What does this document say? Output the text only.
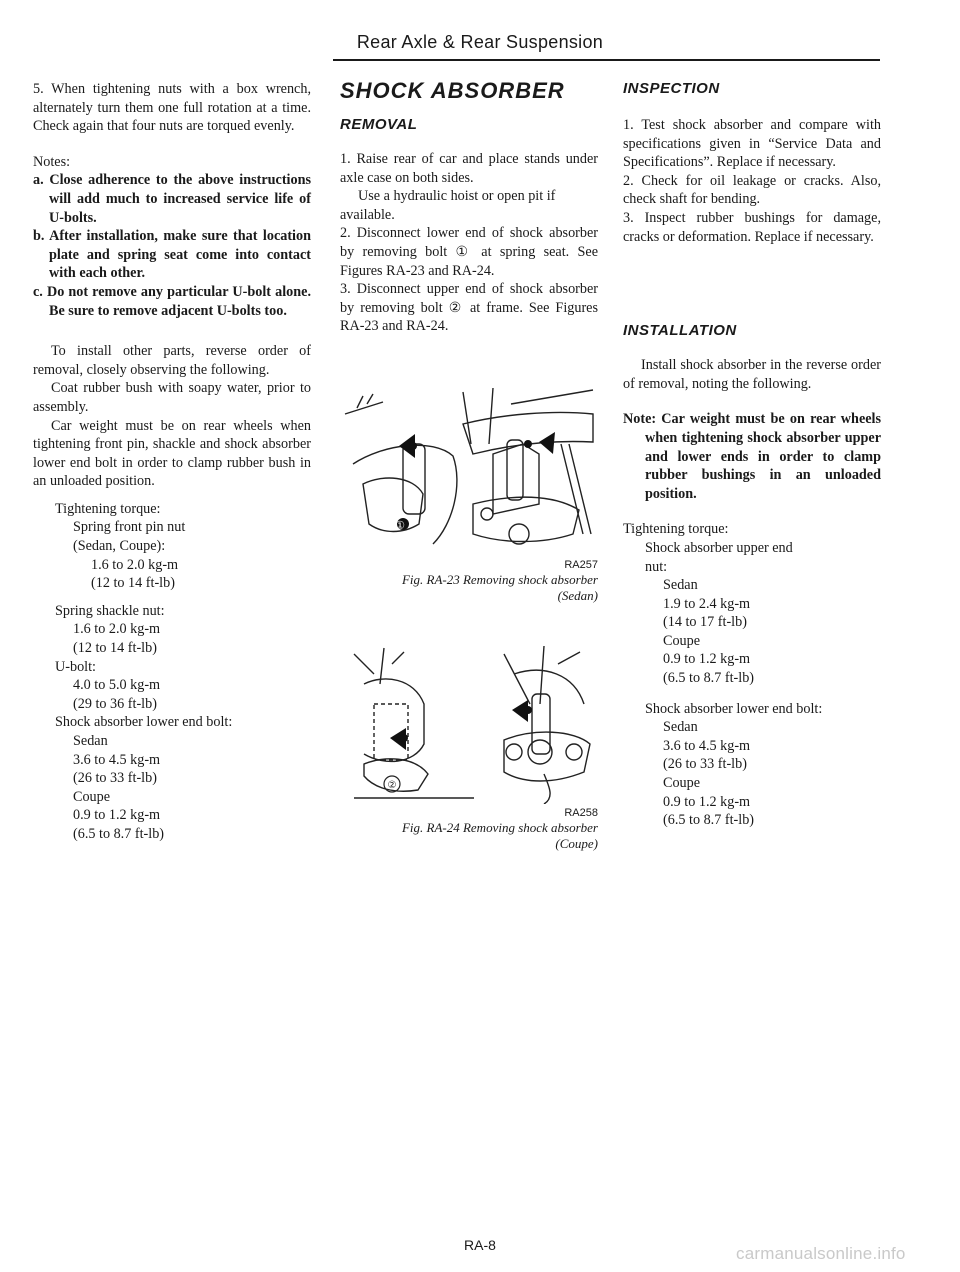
Rear Axle & Rear Suspension

5. When tightening nuts with a box wrench, alternately turn them one full rotation at a time. Check again that four nuts are torqued evenly.

Notes:

a. Close adherence to the above instructions will add much to increased service life of U-bolts.

b. After installation, make sure that location plate and spring seat come into contact with each other.

c. Do not remove any particular U-bolt alone. Be sure to remove adjacent U-bolts too.

To install other parts, reverse order of removal, closely observing the following.

Coat rubber bush with soapy water, prior to assembly.

Car weight must be on rear wheels when tightening front pin, shackle and shock absorber lower end bolt in order to clamp rubber bush in an unloaded position.

Tightening torque:

Spring front pin nut

(Sedan, Coupe):

1.6 to 2.0 kg-m

(12 to 14 ft-lb)

Spring shackle nut:

1.6 to 2.0 kg-m

(12 to 14 ft-lb)

U-bolt:

4.0 to 5.0 kg-m

(29 to 36 ft-lb)

Shock absorber lower end bolt:

Sedan

3.6 to 4.5 kg-m

(26 to 33 ft-lb)

Coupe

0.9 to 1.2 kg-m

(6.5 to 8.7 ft-lb)

SHOCK ABSORBER
REMOVAL

1. Raise rear of car and place stands under axle case on both sides.

Use a hydraulic hoist or open pit if available.

2. Disconnect lower end of shock absorber by removing bolt ① at spring seat. See Figures RA-23 and RA-24.

3. Disconnect upper end of shock absorber by removing bolt ② at frame. See Figures RA-23 and RA-24.

①
RA257
Fig. RA-23 Removing shock absorber
(Sedan)
②
RA258
Fig. RA-24 Removing shock absorber
(Coupe)
INSPECTION

1. Test shock absorber and compare with specifications given in “Service Data and Specifications”. Replace if necessary.

2. Check for oil leakage or cracks. Also, check shaft for bending.

3. Inspect rubber bushings for damage, cracks or deformation. Replace if necessary.

INSTALLATION

Install shock absorber in the reverse order of removal, noting the following.

Note: Car weight must be on rear wheels when tightening shock absorber upper and lower ends in order to clamp rubber bushings in an unloaded position.

Tightening torque:

Shock absorber upper end

nut:

Sedan

1.9 to 2.4 kg-m

(14 to 17 ft-lb)

Coupe

0.9 to 1.2 kg-m

(6.5 to 8.7 ft-lb)

Shock absorber lower end bolt:

Sedan

3.6 to 4.5 kg-m

(26 to 33 ft-lb)

Coupe

0.9 to 1.2 kg-m

(6.5 to 8.7 ft-lb)

RA-8	carmanualsonline.info
